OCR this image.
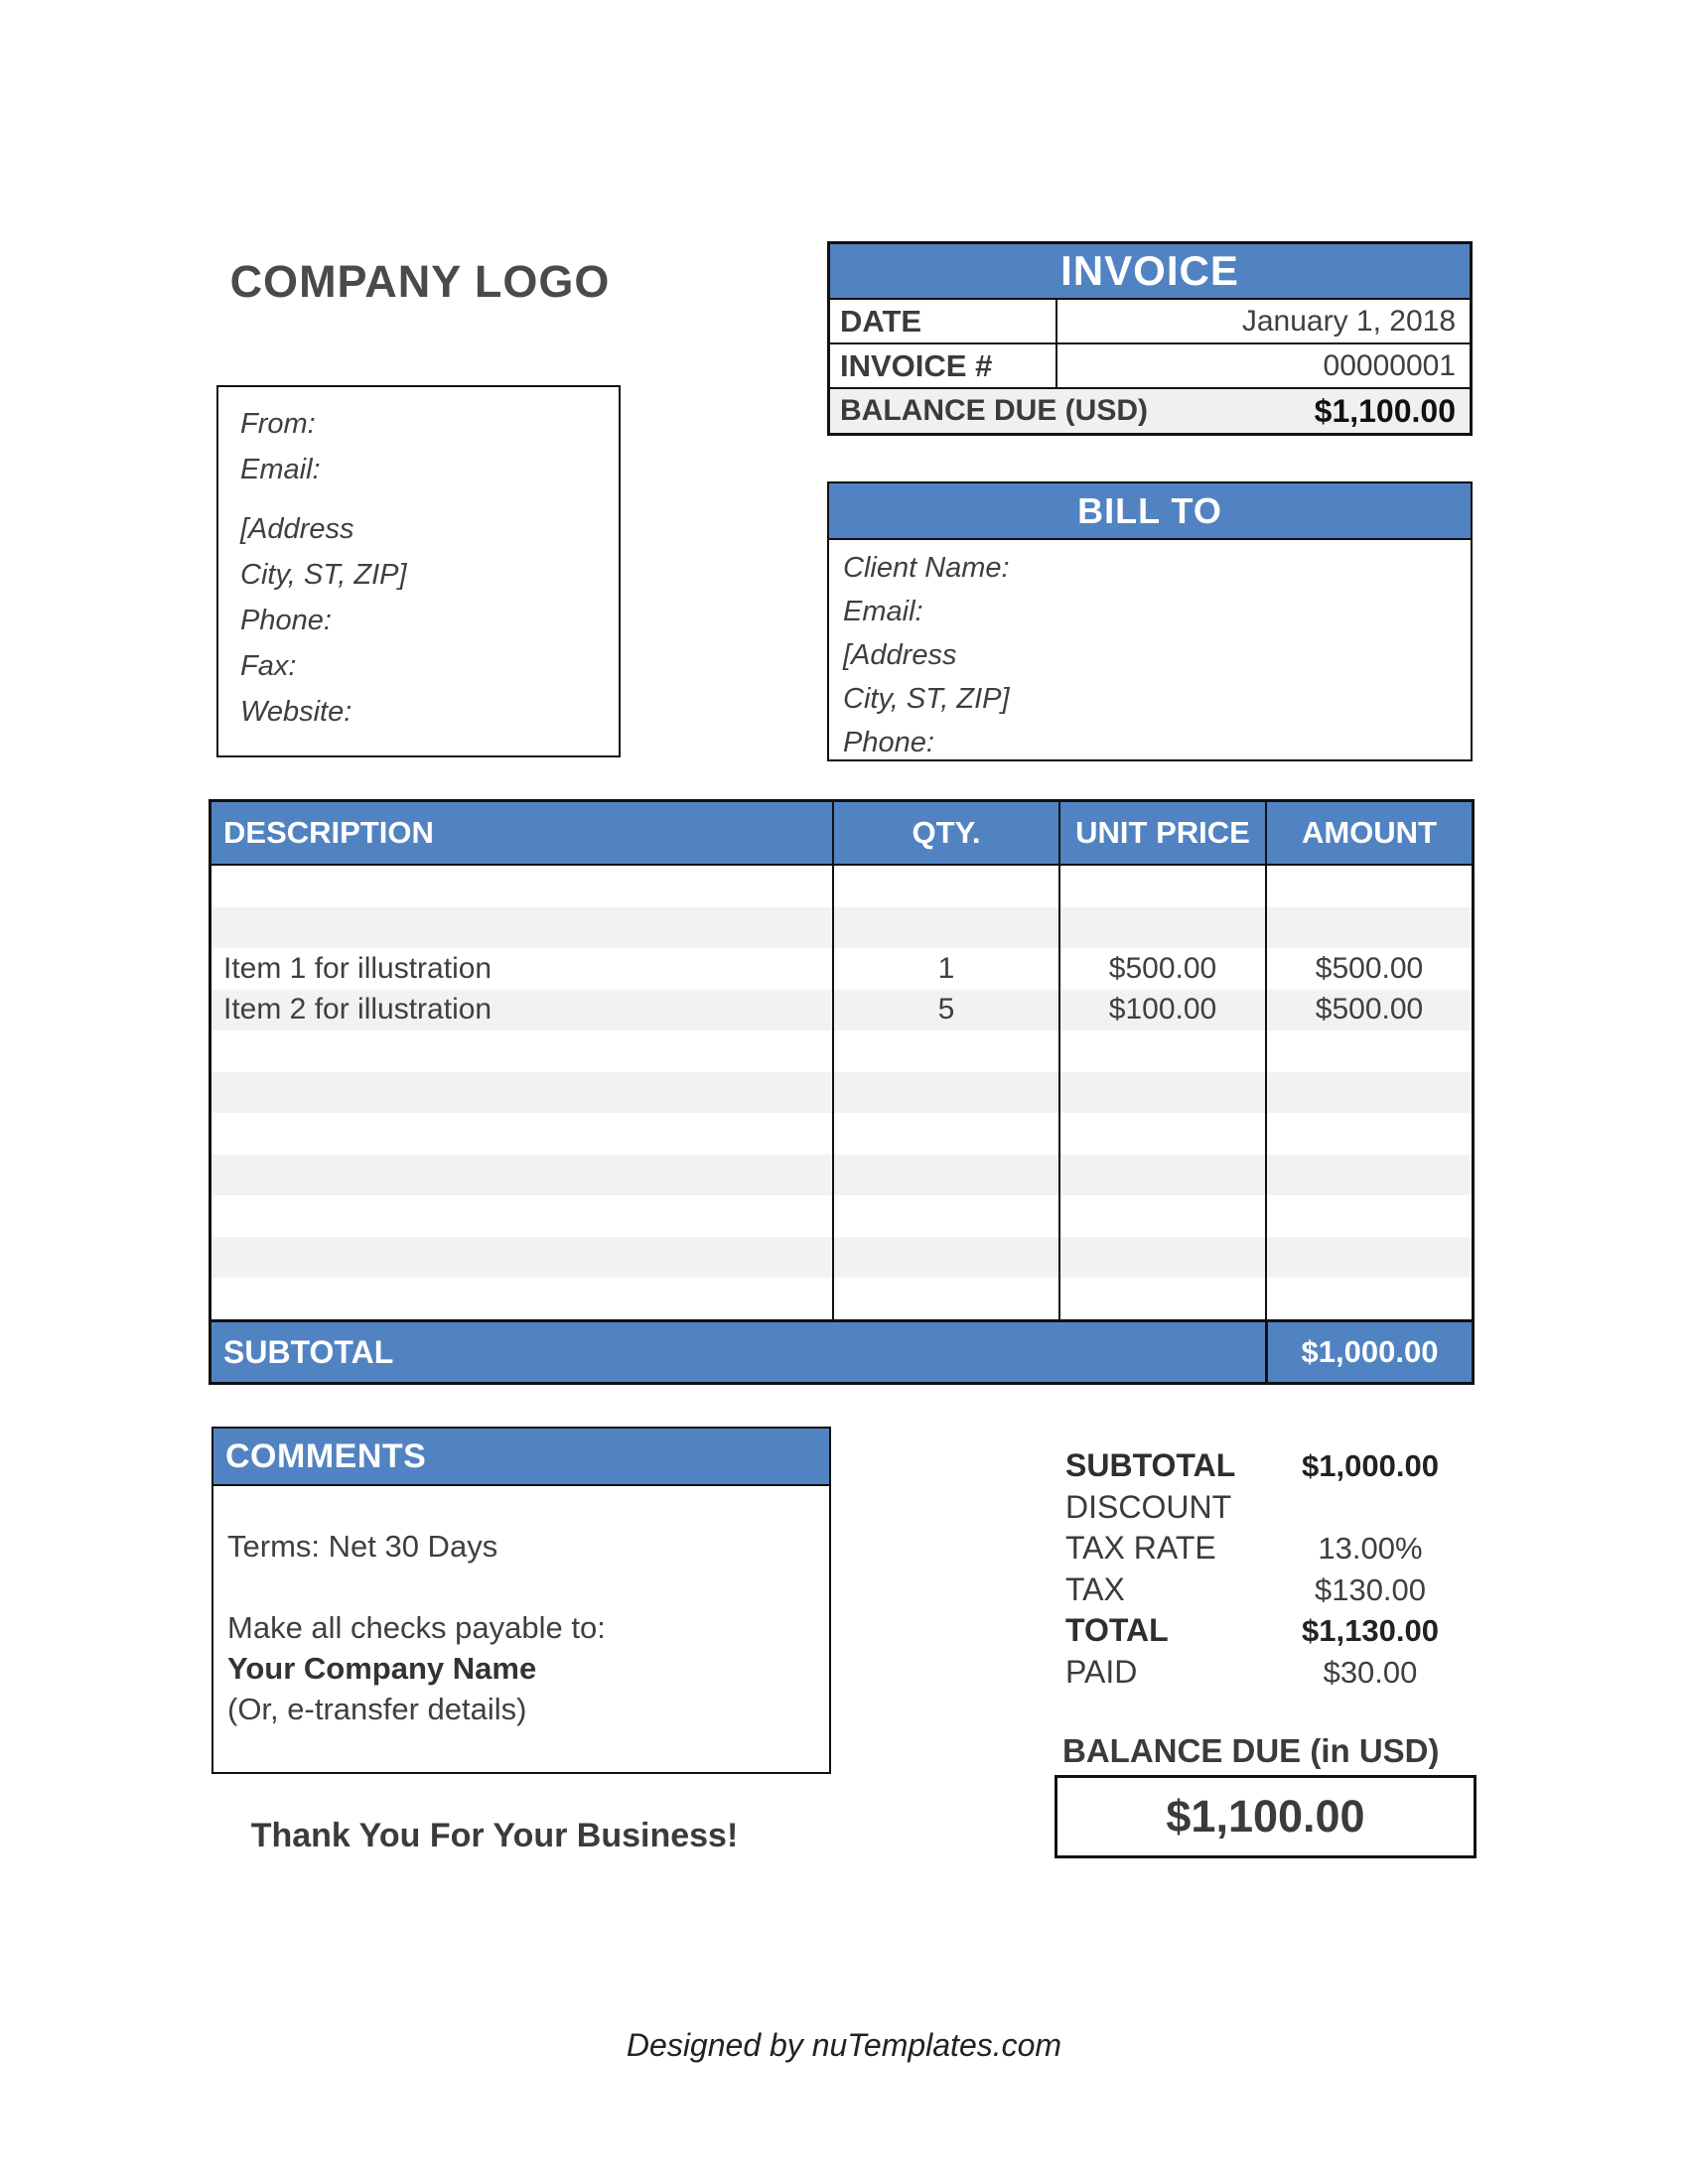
COMPANY LOGO
From:
Email:
[Address
City, ST, ZIP]
Phone:
Fax:
Website:
INVOICE
DATE	January 1, 2018
INVOICE #	00000001
BALANCE DUE (USD)	$1,100.00
BILL TO
Client Name:
Email:
[Address
City, ST, ZIP]
Phone:
DESCRIPTION	QTY.	UNIT PRICE	AMOUNT
Item 1 for illustration	1	$500.00	$500.00
Item 2 for illustration	5	$100.00	$500.00
SUBTOTAL	$1,000.00
COMMENTS
Terms: Net 30 Days
Make all checks payable to:
Your Company Name
(Or, e-transfer details)
SUBTOTAL	$1,000.00
DISCOUNT
TAX RATE	13.00%
TAX	$130.00
TOTAL	$1,130.00
PAID	$30.00
BALANCE DUE (in USD)
$1,100.00
Thank You For Your Business!
Designed by nuTemplates.com
